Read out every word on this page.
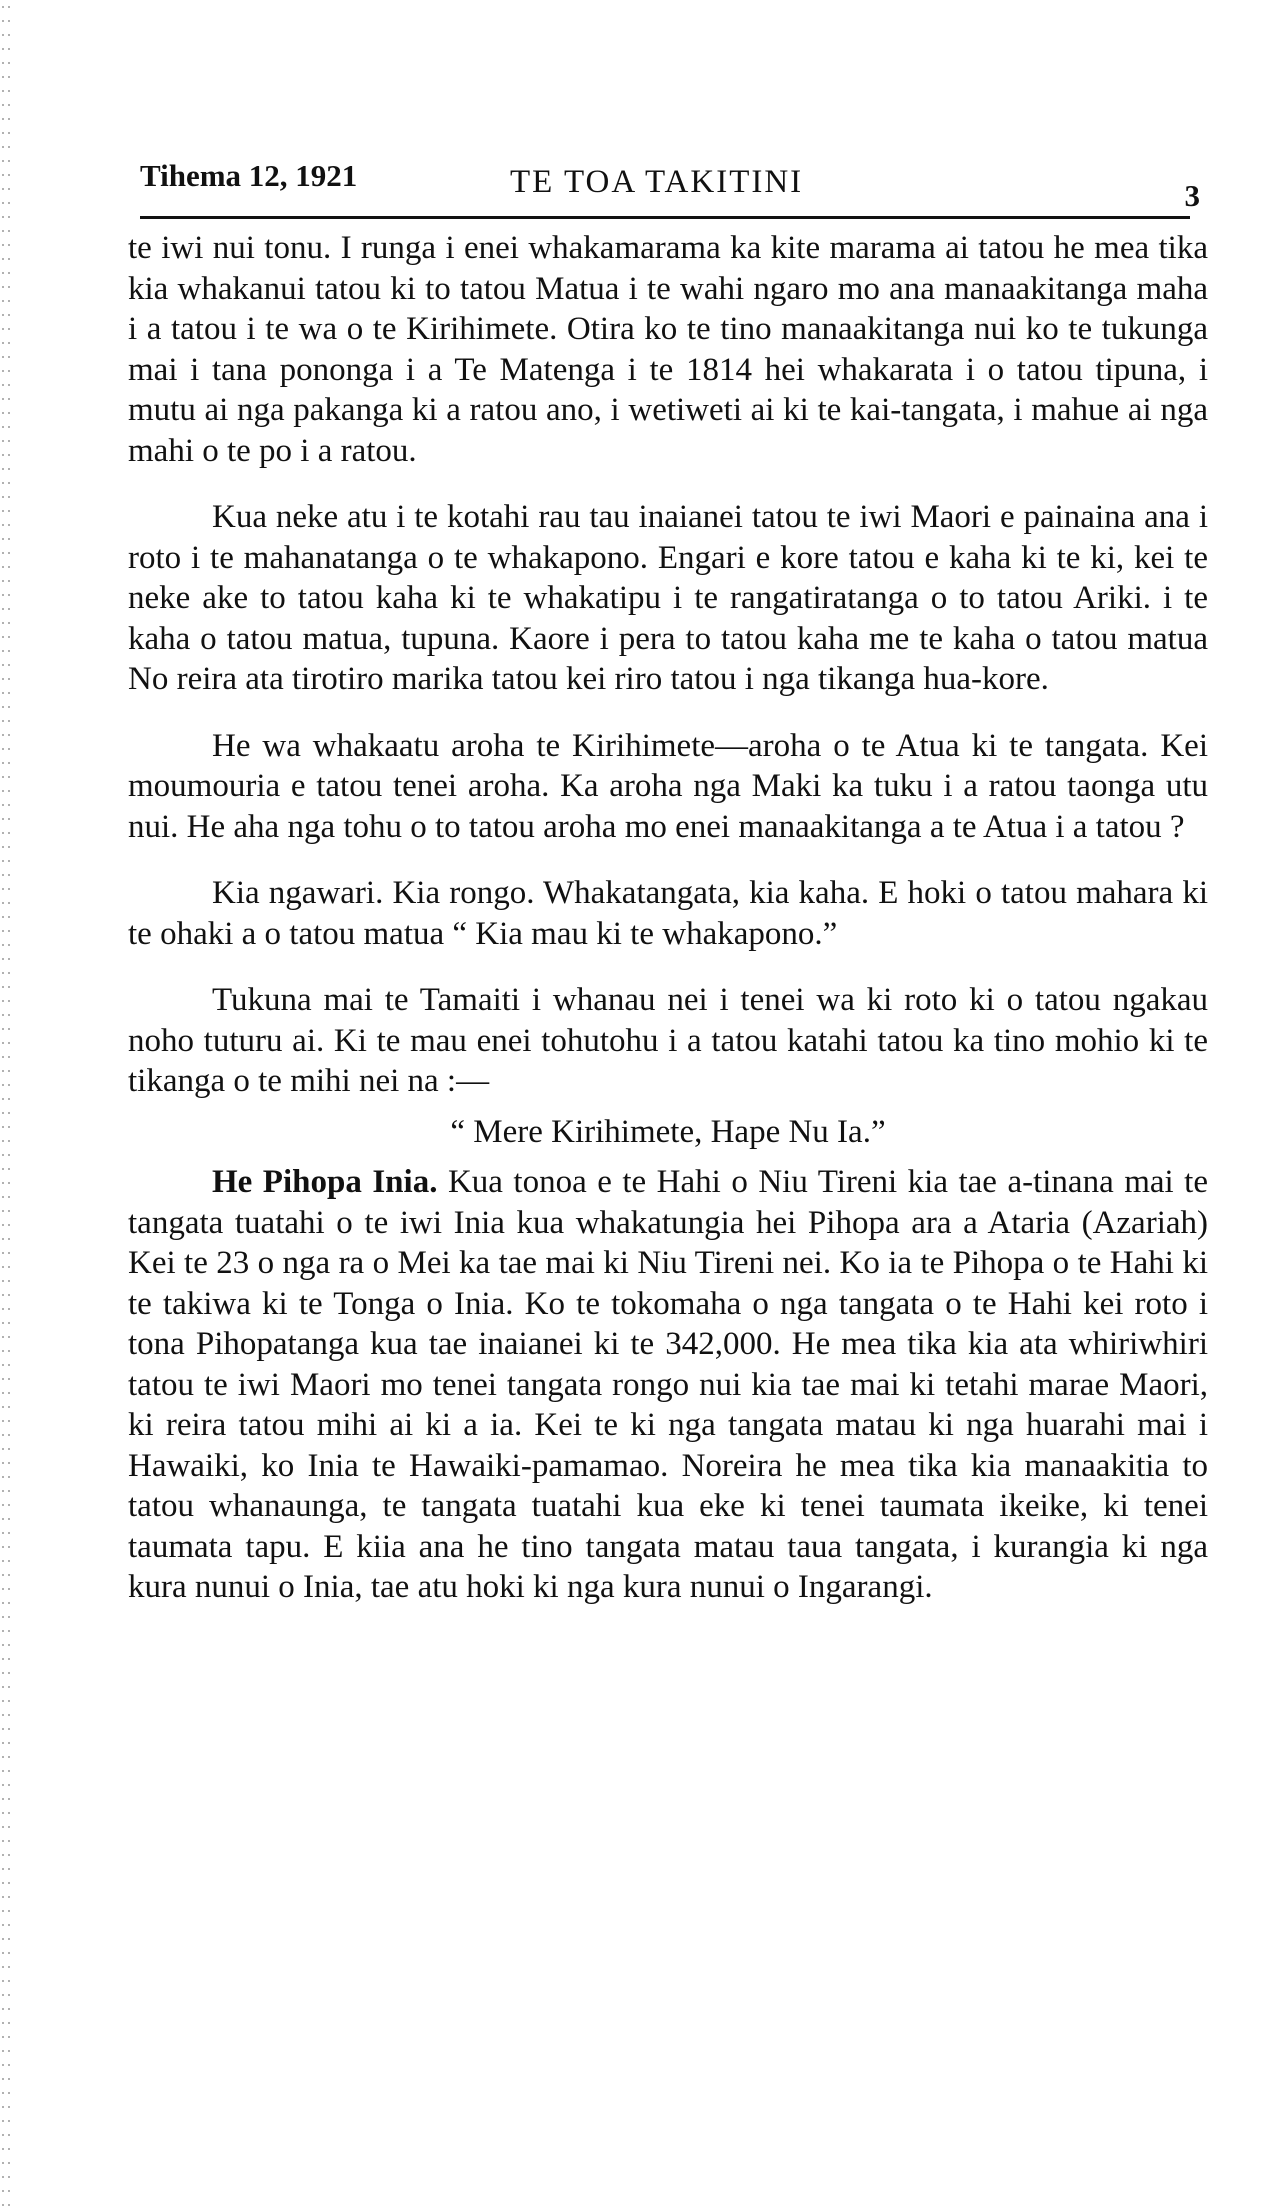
Tihema 12, 1921	TE TOA TAKITINI	3

te iwi nui tonu. I runga i enei whakamarama ka kite marama ai tatou he mea tika kia whakanui tatou ki to tatou Matua i te wahi ngaro mo ana manaakitanga maha i a tatou i te wa o te Kirihimete. Otira ko te tino manaakitanga nui ko te tukunga mai i tana pononga i a Te Matenga i te 1814 hei whakarata i o tatou tipuna, i mutu ai nga pakanga ki a ratou ano, i wetiweti ai ki te kai-tangata, i mahue ai nga mahi o te po i a ratou.

Kua neke atu i te kotahi rau tau inaianei tatou te iwi Maori e painaina ana i roto i te mahanatanga o te whakapono. Engari e kore tatou e kaha ki te ki, kei te neke ake to tatou kaha ki te whakatipu i te rangatiratanga o to tatou Ariki. i te kaha o tatou matua, tupuna. Kaore i pera to tatou kaha me te kaha o tatou matua No reira ata tirotiro marika tatou kei riro tatou i nga tikanga hua-kore.

He wa whakaatu aroha te Kirihimete—aroha o te Atua ki te tangata. Kei moumouria e tatou tenei aroha. Ka aroha nga Maki ka tuku i a ratou taonga utu nui. He aha nga tohu o to tatou aroha mo enei manaakitanga a te Atua i a tatou ?

Kia ngawari. Kia rongo. Whakatangata, kia kaha. E hoki o tatou mahara ki te ohaki a o tatou matua “ Kia mau ki te whakapono.”

Tukuna mai te Tamaiti i whanau nei i tenei wa ki roto ki o tatou ngakau noho tuturu ai. Ki te mau enei tohutohu i a tatou katahi tatou ka tino mohio ki te tikanga o te mihi nei na :—

“ Mere Kirihimete, Hape Nu Ia.”

He Pihopa Inia. Kua tonoa e te Hahi o Niu Tireni kia tae a-tinana mai te tangata tuatahi o te iwi Inia kua whakatungia hei Pihopa ara a Ataria (Azariah) Kei te 23 o nga ra o Mei ka tae mai ki Niu Tireni nei. Ko ia te Pihopa o te Hahi ki te takiwa ki te Tonga o Inia. Ko te tokomaha o nga tangata o te Hahi kei roto i tona Pihopatanga kua tae inaianei ki te 342,000. He mea tika kia ata whiriwhiri tatou te iwi Maori mo tenei tangata rongo nui kia tae mai ki tetahi marae Maori, ki reira tatou mihi ai ki a ia. Kei te ki nga tangata matau ki nga huarahi mai i Hawaiki, ko Inia te Hawaiki-pamamao. Noreira he mea tika kia manaakitia to tatou whanaunga, te tangata tuatahi kua eke ki tenei taumata ikeike, ki tenei taumata tapu. E kiia ana he tino tangata matau taua tangata, i kurangia ki nga kura nunui o Inia, tae atu hoki ki nga kura nunui o Ingarangi.
